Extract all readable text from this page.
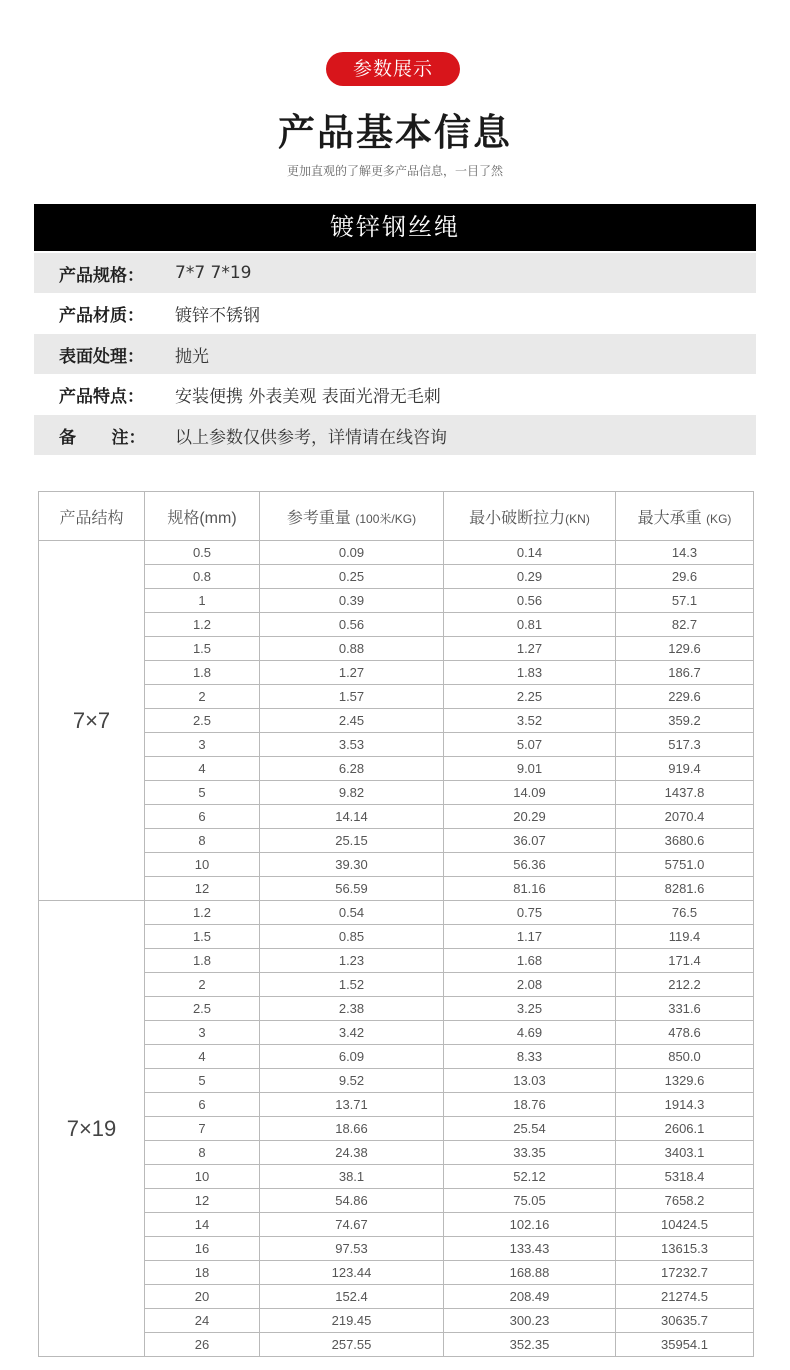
参数展示
产品基本信息
更加直观的了解更多产品信息，一目了然
镀锌钢丝绳
产品规格：	7*7 7*19
产品材质：	镀锌不锈钢
表面处理：	抛光
产品特点：	安装便携 外表美观 表面光滑无毛刺
备      注：	以上参数仅供参考，详情请在线咨询
产品结构	规格(mm)	参考重量 (100米/KG)	最小破断拉力(KN)	最大承重 (KG)
7×7	0.5	0.09	0.14	14.3
	0.8	0.25	0.29	29.6
	1	0.39	0.56	57.1
	1.2	0.56	0.81	82.7
	1.5	0.88	1.27	129.6
	1.8	1.27	1.83	186.7
	2	1.57	2.25	229.6
	2.5	2.45	3.52	359.2
	3	3.53	5.07	517.3
	4	6.28	9.01	919.4
	5	9.82	14.09	1437.8
	6	14.14	20.29	2070.4
	8	25.15	36.07	3680.6
	10	39.30	56.36	5751.0
	12	56.59	81.16	8281.6
7×19	1.2	0.54	0.75	76.5
	1.5	0.85	1.17	119.4
	1.8	1.23	1.68	171.4
	2	1.52	2.08	212.2
	2.5	2.38	3.25	331.6
	3	3.42	4.69	478.6
	4	6.09	8.33	850.0
	5	9.52	13.03	1329.6
	6	13.71	18.76	1914.3
	7	18.66	25.54	2606.1
	8	24.38	33.35	3403.1
	10	38.1	52.12	5318.4
	12	54.86	75.05	7658.2
	14	74.67	102.16	10424.5
	16	97.53	133.43	13615.3
	18	123.44	168.88	17232.7
	20	152.4	208.49	21274.5
	24	219.45	300.23	30635.7
	26	257.55	352.35	35954.1
